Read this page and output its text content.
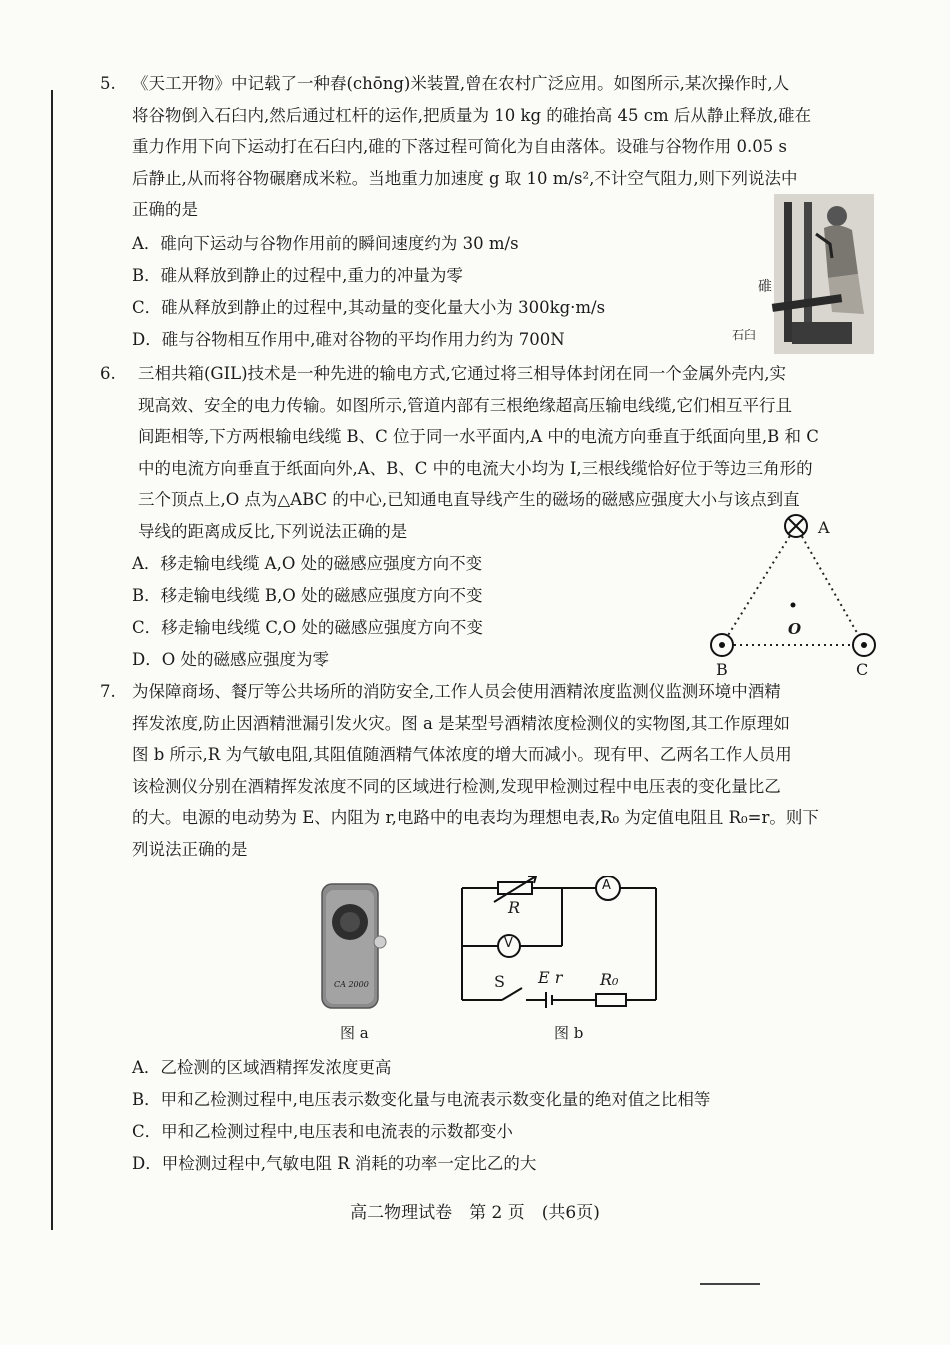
5. 《天工开物》中记载了一种舂(chōng)米装置,曾在农村广泛应用。如图所示,某次操作时,人
将谷物倒入石臼内,然后通过杠杆的运作,把质量为 10 kg 的碓抬高 45 cm 后从静止释放,碓在
重力作用下向下运动打在石臼内,碓的下落过程可简化为自由落体。设碓与谷物作用 0.05 s
后静止,从而将谷物碾磨成米粒。当地重力加速度 g 取 10 m/s²,不计空气阻力,则下列说法中
正确的是
A．碓向下运动与谷物作用前的瞬间速度约为 30 m/s
B．碓从释放到静止的过程中,重力的冲量为零
C．碓从释放到静止的过程中,其动量的变化量大小为 300kg·m/s
D．碓与谷物相互作用中,碓对谷物的平均作用力约为 700N
碓
石臼
6. 三相共箱(GIL)技术是一种先进的输电方式,它通过将三相导体封闭在同一个金属外壳内,实
现高效、安全的电力传输。如图所示,管道内部有三根绝缘超高压输电线缆,它们相互平行且
间距相等,下方两根输电线缆 B、C 位于同一水平面内,A 中的电流方向垂直于纸面向里,B 和 C
中的电流方向垂直于纸面向外,A、B、C 中的电流大小均为 I,三根线缆恰好位于等边三角形的
三个顶点上,O 点为△ABC 的中心,已知通电直导线产生的磁场的磁感应强度大小与该点到直
导线的距离成反比,下列说法正确的是
A．移走输电线缆 A,O 处的磁感应强度方向不变
B．移走输电线缆 B,O 处的磁感应强度方向不变
C．移走输电线缆 C,O 处的磁感应强度方向不变
D．O 处的磁感应强度为零
A
B	C
O
7. 为保障商场、餐厅等公共场所的消防安全,工作人员会使用酒精浓度监测仪监测环境中酒精
挥发浓度,防止因酒精泄漏引发火灾。图 a 是某型号酒精浓度检测仪的实物图,其工作原理如
图 b 所示,R 为气敏电阻,其阻值随酒精气体浓度的增大而减小。现有甲、乙两名工作人员用
该检测仪分别在酒精挥发浓度不同的区域进行检测,发现甲检测过程中电压表的变化量比乙
的大。电源的电动势为 E、内阻为 r,电路中的电表均为理想电表,R₀ 为定值电阻且 R₀=r。则下
列说法正确的是
CA 2000
图 a
A
V
R
S E r R₀
图 b
A．乙检测的区域酒精挥发浓度更高
B．甲和乙检测过程中,电压表示数变化量与电流表示数变化量的绝对值之比相等
C．甲和乙检测过程中,电压表和电流表的示数都变小
D．甲检测过程中,气敏电阻 R 消耗的功率一定比乙的大
高二物理试卷　第 2 页　(共6页)
